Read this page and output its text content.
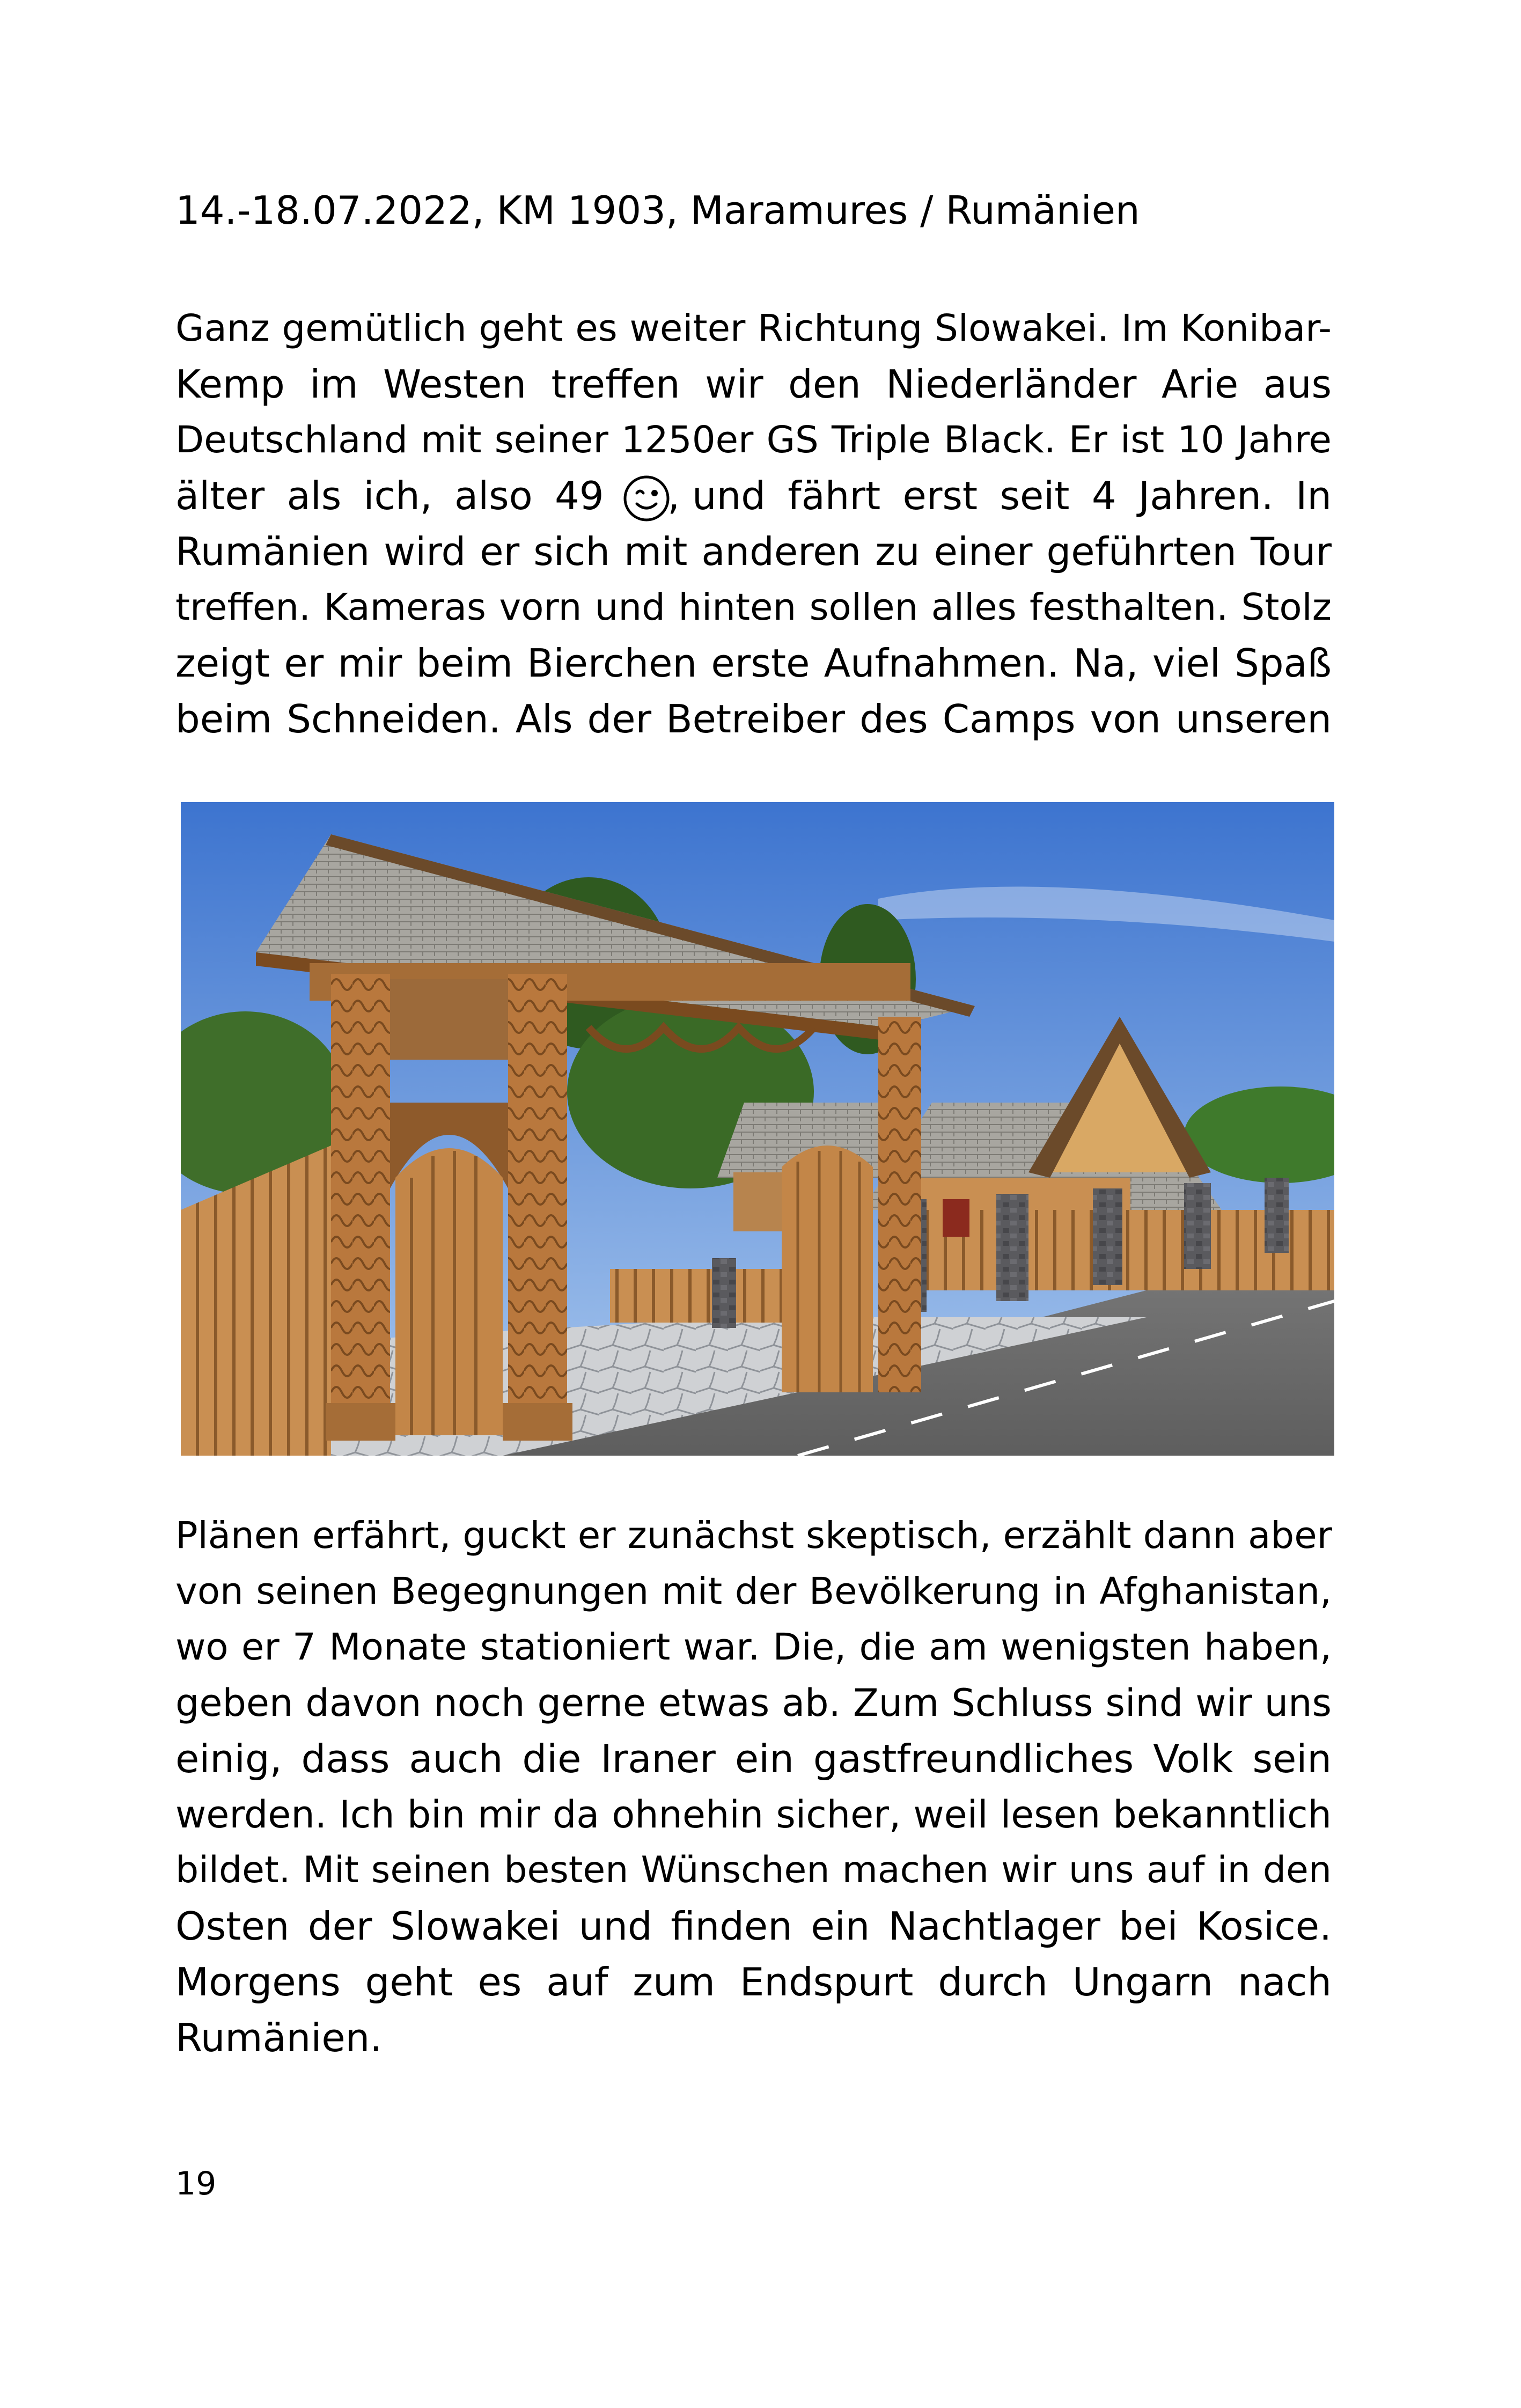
14.-18.07.2022, KM 1903, Maramures / Rumänien
Ganz gemütlich geht es weiter Richtung Slowakei. Im Konibar-
Kemp im Westen treffen wir den Niederländer Arie aus
Deutschland mit seiner 1250er GS Triple Black. Er ist 10 Jahre
älter als ich, also 49 , und fährt erst seit 4 Jahren. In
Rumänien wird er sich mit anderen zu einer geführten Tour
treffen. Kameras vorn und hinten sollen alles festhalten. Stolz
zeigt er mir beim Bierchen erste Aufnahmen. Na, viel Spaß
beim Schneiden. Als der Betreiber des Camps von unseren
Plänen erfährt, guckt er zunächst skeptisch, erzählt dann aber
von seinen Begegnungen mit der Bevölkerung in Afghanistan,
wo er 7 Monate stationiert war. Die, die am wenigsten haben,
geben davon noch gerne etwas ab. Zum Schluss sind wir uns
einig, dass auch die Iraner ein gastfreundliches Volk sein
werden. Ich bin mir da ohnehin sicher, weil lesen bekanntlich
bildet. Mit seinen besten Wünschen machen wir uns auf in den
Osten der Slowakei und finden ein Nachtlager bei Kosice.
Morgens geht es auf zum Endspurt durch Ungarn nach
Rumänien.
19
